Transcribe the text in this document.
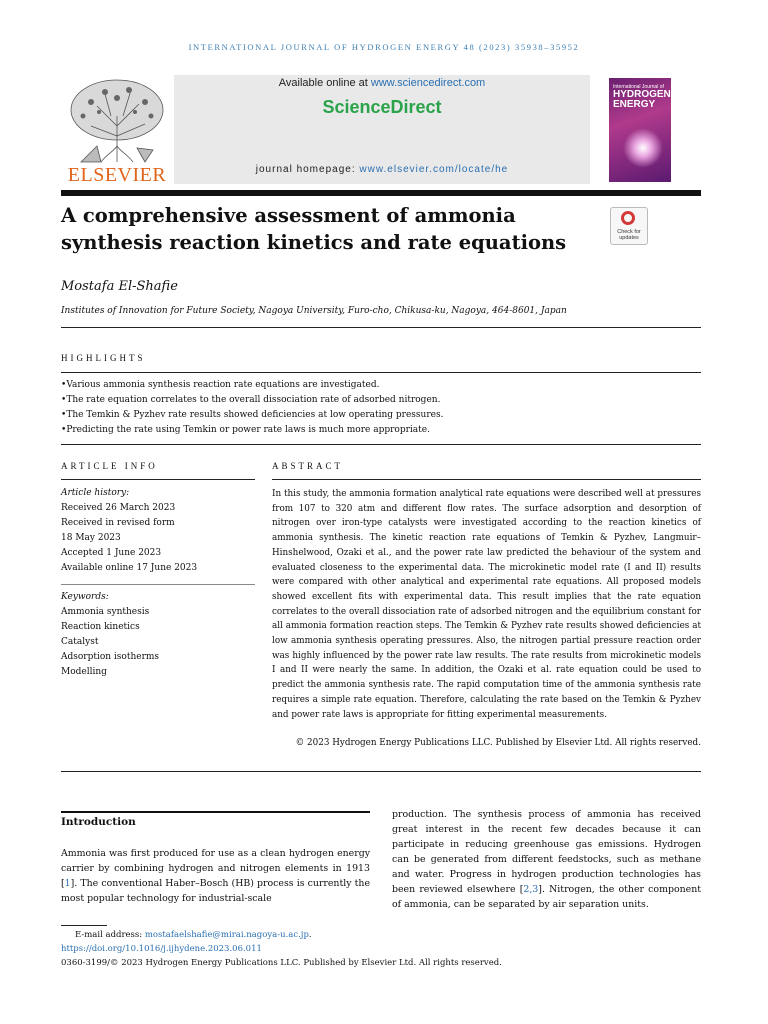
INTERNATIONAL JOURNAL OF HYDROGEN ENERGY 48 (2023) 35938–35952
ELSEVIER
Available online at www.sciencedirect.com
ScienceDirect
journal homepage: www.elsevier.com/locate/he
International Journal of
HYDROGEN
ENERGY
A comprehensive assessment of ammonia
synthesis reaction kinetics and rate equations	Check for updates
Mostafa El-Shafie
Institutes of Innovation for Future Society, Nagoya University, Furo-cho, Chikusa-ku, Nagoya, 464-8601, Japan
HIGHLIGHTS
• Various ammonia synthesis reaction rate equations are investigated.
• The rate equation correlates to the overall dissociation rate of adsorbed nitrogen.
• The Temkin & Pyzhev rate results showed deficiencies at low operating pressures.
• Predicting the rate using Temkin or power rate laws is much more appropriate.
ARTICLE INFO
Article history:
Received 26 March 2023
Received in revised form
18 May 2023
Accepted 1 June 2023
Available online 17 June 2023
Keywords:
Ammonia synthesis
Reaction kinetics
Catalyst
Adsorption isotherms
Modelling
ABSTRACT
In this study, the ammonia formation analytical rate equations were described well at pressures from 107 to 320 atm and different flow rates. The surface adsorption and desorption of nitrogen over iron-type catalysts were investigated according to the reaction kinetics of ammonia synthesis. The kinetic reaction rate equations of Temkin & Pyzhev, Langmuir–Hinshelwood, Ozaki et al., and the power rate law predicted the behaviour of the system and evaluated closeness to the experimental data. The microkinetic model rate (I and II) results were compared with other analytical and experimental rate equations. All proposed models showed excellent fits with experimental data. This result implies that the rate equation correlates to the overall dissociation rate of adsorbed nitrogen and the equilibrium constant for all ammonia formation reaction steps. The Temkin & Pyzhev rate results showed deficiencies at low ammonia synthesis operating pressures. Also, the nitrogen partial pressure reaction order was highly influenced by the power rate law results. The rate results from microkinetic models I and II were nearly the same. In addition, the Ozaki et al. rate equation could be used to predict the ammonia synthesis rate. The rapid computation time of the ammonia synthesis rate requires a simple rate equation. Therefore, calculating the rate based on the Temkin & Pyzhev and power rate laws is appropriate for fitting experimental measurements.
© 2023 Hydrogen Energy Publications LLC. Published by Elsevier Ltd. All rights reserved.
Introduction
Ammonia was first produced for use as a clean hydrogen energy carrier by combining hydrogen and nitrogen elements in 1913 [1]. The conventional Haber–Bosch (HB) process is currently the most popular technology for industrial-scale
production. The synthesis process of ammonia has received great interest in the recent few decades because it can participate in reducing greenhouse gas emissions. Hydrogen can be generated from different feedstocks, such as methane and water. Progress in hydrogen production technologies has been reviewed elsewhere [2,3]. Nitrogen, the other component of ammonia, can be separated by air separation units.
E-mail address: mostafaelshafie@mirai.nagoya-u.ac.jp.
https://doi.org/10.1016/j.ijhydene.2023.06.011
0360-3199/© 2023 Hydrogen Energy Publications LLC. Published by Elsevier Ltd. All rights reserved.
